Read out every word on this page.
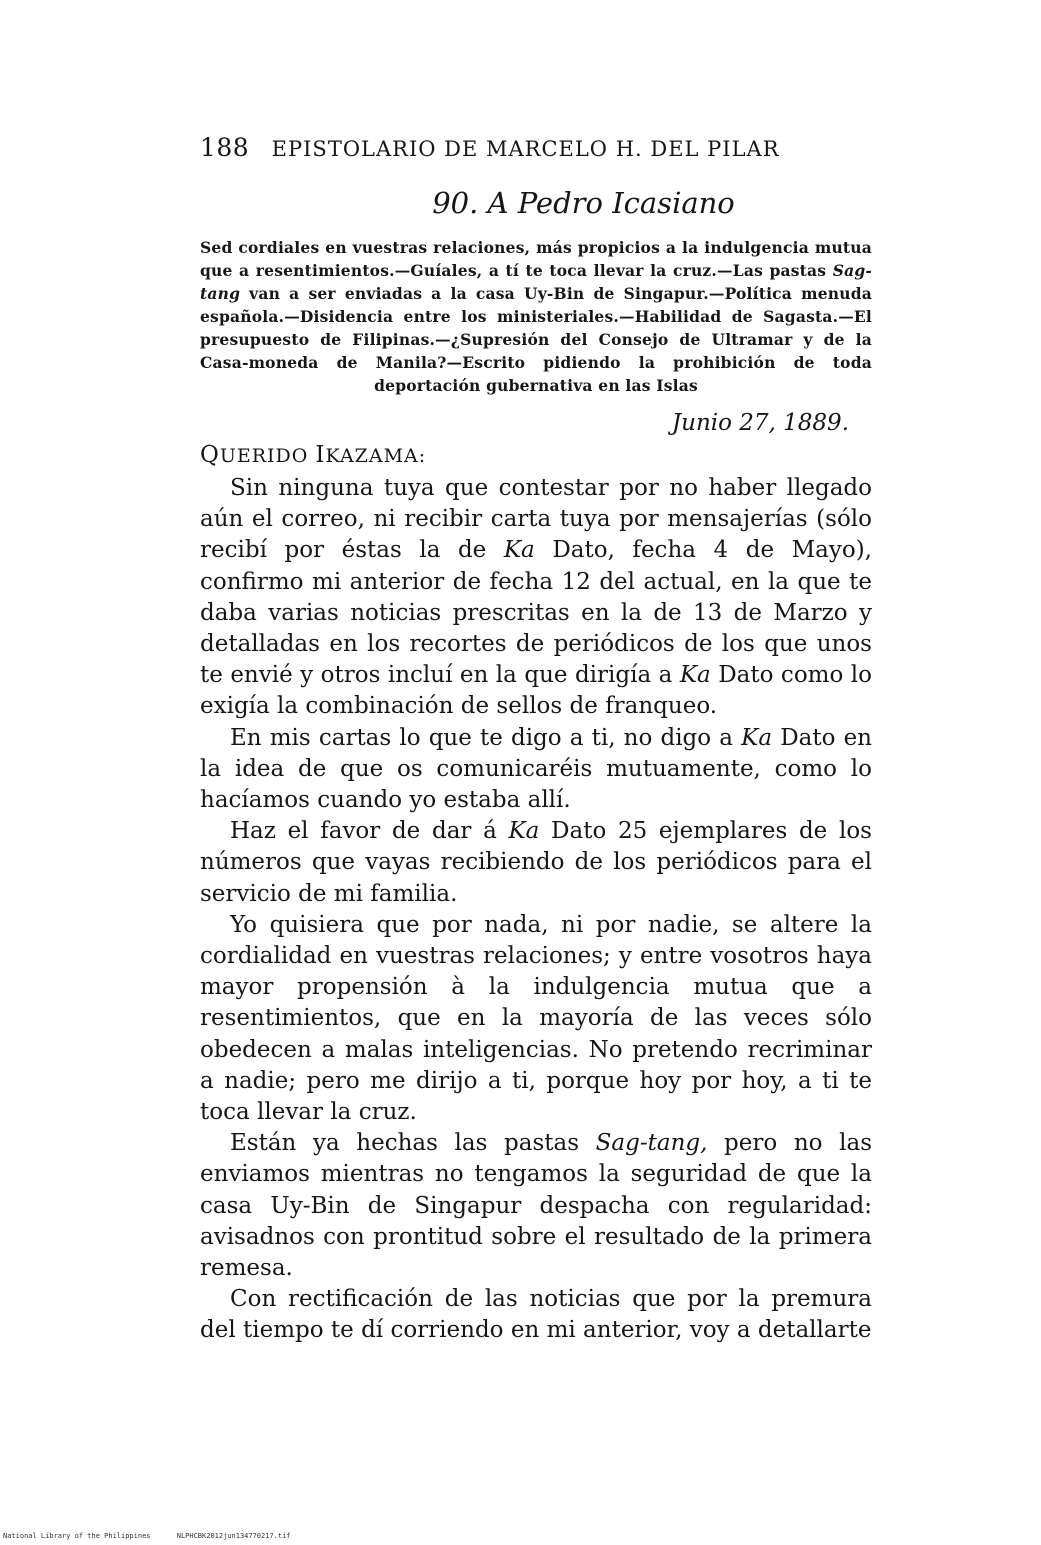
188 EPISTOLARIO DE MARCELO H. DEL PILAR
90. A Pedro Icasiano
Sed cordiales en vuestras relaciones, más propicios a la indulgencia mutua que a resentimientos.—Guíales, a tí te toca llevar la cruz.—Las pastas Sag-tang van a ser enviadas a la casa Uy-Bin de Singapur.—Política menuda española.—Disidencia entre los ministeriales.—Habilidad de Sagasta.—El presupuesto de Filipinas.—¿Supresión del Consejo de Ultramar y de la Casa-moneda de Manila?—Escrito pidiendo la prohibición de toda deportación gubernativa en las Islas
Junio 27, 1889.
QUERIDO IKAZAMA:

Sin ninguna tuya que contestar por no haber llegado aún el correo, ni recibir carta tuya por mensajerías (sólo recibí por éstas la de Ka Dato, fecha 4 de Mayo), confirmo mi anterior de fecha 12 del actual, en la que te daba varias noticias prescritas en la de 13 de Marzo y detalladas en los recortes de periódicos de los que unos te envié y otros incluí en la que dirigía a Ka Dato como lo exigía la combinación de sellos de franqueo.

En mis cartas lo que te digo a ti, no digo a Ka Dato en la idea de que os comunicaréis mutuamente, como lo hacíamos cuando yo estaba allí.

Haz el favor de dar á Ka Dato 25 ejemplares de los números que vayas recibiendo de los periódicos para el servicio de mi familia.

Yo quisiera que por nada, ni por nadie, se altere la cordialidad en vuestras relaciones; y entre vosotros haya mayor propensión à la indulgencia mutua que a resentimientos, que en la mayoría de las veces sólo obedecen a malas inteligencias. No pretendo recriminar a nadie; pero me dirijo a ti, porque hoy por hoy, a ti te toca llevar la cruz.

Están ya hechas las pastas Sag-tang, pero no las enviamos mientras no tengamos la seguridad de que la casa Uy-Bin de Singapur despacha con regularidad: avisadnos con prontitud sobre el resultado de la primera remesa.

Con rectificación de las noticias que por la premura del tiempo te dí corriendo en mi anterior, voy a detallarte

National Library of the Philippines	NLPHCBK2012jun134770217.tif
